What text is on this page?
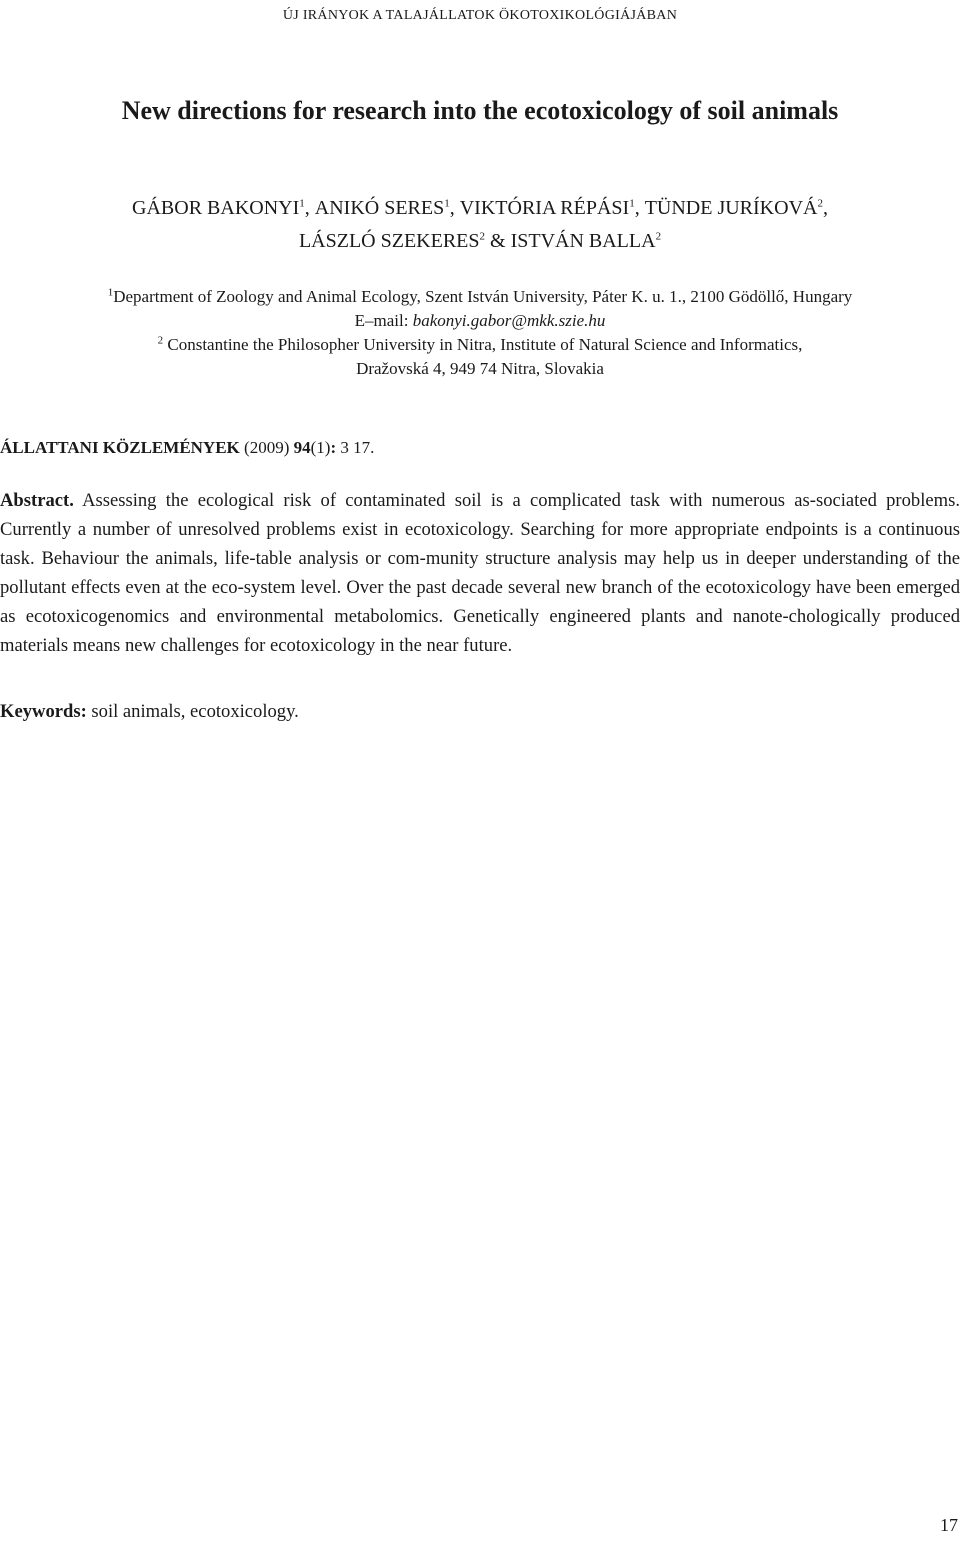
ÚJ IRÁNYOK A TALAJÁLLATOK ÖKOTOXIKOLÓGIÁJÁBAN
New directions for research into the ecotoxicology of soil animals
GÁBOR BAKONYI$^1$, ANIKÓ SERES$^1$, VIKTÓRIA RÉPÁSI$^1$, TÜNDE JURÍKOVÁ$^2$,
LÁSZLÓ SZEKERES$^2$ & ISTVÁN BALLA$^2$
$^1$Department of Zoology and Animal Ecology, Szent István University, Páter K. u. 1., 2100 Gödöllő, Hungary
E–mail: bakonyi.gabor@mkk.szie.hu
$^2$ Constantine the Philosopher University in Nitra, Institute of Natural Science and Informatics,
Dražovská 4, 949 74 Nitra, Slovakia
ÁLLATTANI KÖZLEMÉNYEK (2009) 94(1): 3 17.

Abstract. Assessing the ecological risk of contaminated soil is a complicated task with numerous as-sociated problems. Currently a number of unresolved problems exist in ecotoxicology. Searching for more appropriate endpoints is a continuous task. Behaviour the animals, life-table analysis or com-munity structure analysis may help us in deeper understanding of the pollutant effects even at the eco-system level. Over the past decade several new branch of the ecotoxicology have been emerged as ecotoxicogenomics and environmental metabolomics. Genetically engineered plants and nanote-chologically produced materials means new challenges for ecotoxicology in the near future.

Keywords: soil animals, ecotoxicology.
17
